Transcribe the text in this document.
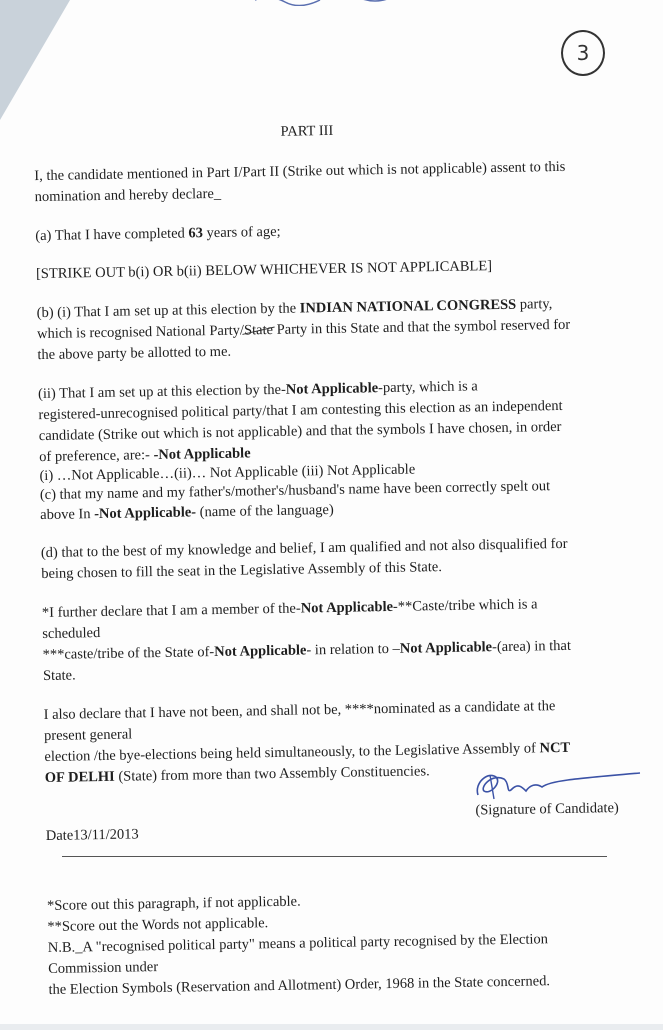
3
PART III
I, the candidate mentioned in Part I/Part II (Strike out which is not applicable) assent to this
nomination and hereby declare_
(a) That I have completed 63 years of age;
[STRIKE OUT b(i) OR b(ii) BELOW WHICHEVER IS NOT APPLICABLE]
(b) (i) That I am set up at this election by the INDIAN NATIONAL CONGRESS party,
which is recognised National Party/State Party in this State and that the symbol reserved for
the above party be allotted to me.
(ii) That I am set up at this election by the-Not Applicable-party, which is a
registered-unrecognised political party/that I am contesting this election as an independent
candidate (Strike out which is not applicable) and that the symbols I have chosen, in order
of preference, are:- -Not Applicable
(i) …Not Applicable…(ii)… Not Applicable (iii) Not Applicable
(c) that my name and my father's/mother's/husband's name have been correctly spelt out
above In -Not Applicable- (name of the language)
(d) that to the best of my knowledge and belief, I am qualified and not also disqualified for
being chosen to fill the seat in the Legislative Assembly of this State.
*I further declare that I am a member of the-Not Applicable-**Caste/tribe which is a
scheduled
***caste/tribe of the State of-Not Applicable- in relation to –Not Applicable-(area) in that
State.
I also declare that I have not been, and shall not be, ****nominated as a candidate at the
present general
election /the bye-elections being held simultaneously, to the Legislative Assembly of NCT
OF DELHI (State) from more than two Assembly Constituencies.
(Signature of Candidate)
Date13/11/2013
*Score out this paragraph, if not applicable.
**Score out the Words not applicable.
N.B._A "recognised political party" means a political party recognised by the Election
Commission under
the Election Symbols (Reservation and Allotment) Order, 1968 in the State concerned.
